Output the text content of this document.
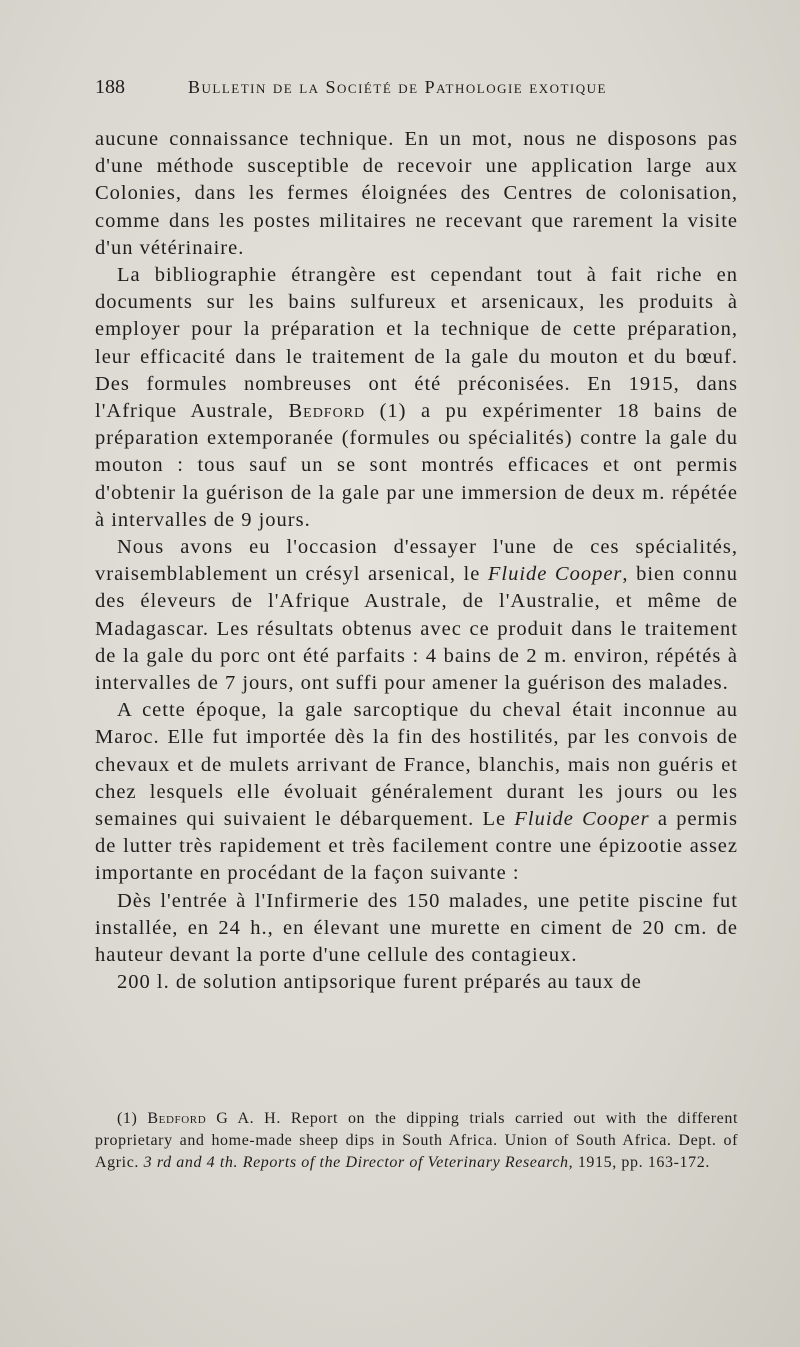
188	Bulletin de la Société de Pathologie exotique

aucune connaissance technique. En un mot, nous ne disposons pas d'une méthode susceptible de recevoir une application large aux Colonies, dans les fermes éloignées des Centres de colonisation, comme dans les postes militaires ne recevant que rarement la visite d'un vétérinaire.

La bibliographie étrangère est cependant tout à fait riche en documents sur les bains sulfureux et arsenicaux, les produits à employer pour la préparation et la technique de cette préparation, leur efficacité dans le traitement de la gale du mouton et du bœuf. Des formules nombreuses ont été préconisées. En 1915, dans l'Afrique Australe, Bedford (1) a pu expérimenter 18 bains de préparation extemporanée (formules ou spécialités) contre la gale du mouton : tous sauf un se sont montrés efficaces et ont permis d'obtenir la guérison de la gale par une immersion de deux m. répétée à intervalles de 9 jours.

Nous avons eu l'occasion d'essayer l'une de ces spécialités, vraisemblablement un crésyl arsenical, le Fluide Cooper, bien connu des éleveurs de l'Afrique Australe, de l'Australie, et même de Madagascar. Les résultats obtenus avec ce produit dans le traitement de la gale du porc ont été parfaits : 4 bains de 2 m. environ, répétés à intervalles de 7 jours, ont suffi pour amener la guérison des malades.

A cette époque, la gale sarcoptique du cheval était inconnue au Maroc. Elle fut importée dès la fin des hostilités, par les convois de chevaux et de mulets arrivant de France, blanchis, mais non guéris et chez lesquels elle évoluait généralement durant les jours ou les semaines qui suivaient le débarquement. Le Fluide Cooper a permis de lutter très rapidement et très facilement contre une épizootie assez importante en procédant de la façon suivante :

Dès l'entrée à l'Infirmerie des 150 malades, une petite piscine fut installée, en 24 h., en élevant une murette en ciment de 20 cm. de hauteur devant la porte d'une cellule des contagieux.

200 l. de solution antipsorique furent préparés au taux de

(1) Bedford G A. H. Report on the dipping trials carried out with the different proprietary and home-made sheep dips in South Africa. Union of South Africa. Dept. of Agric. 3 rd and 4 th. Reports of the Director of Veterinary Research, 1915, pp. 163-172.
